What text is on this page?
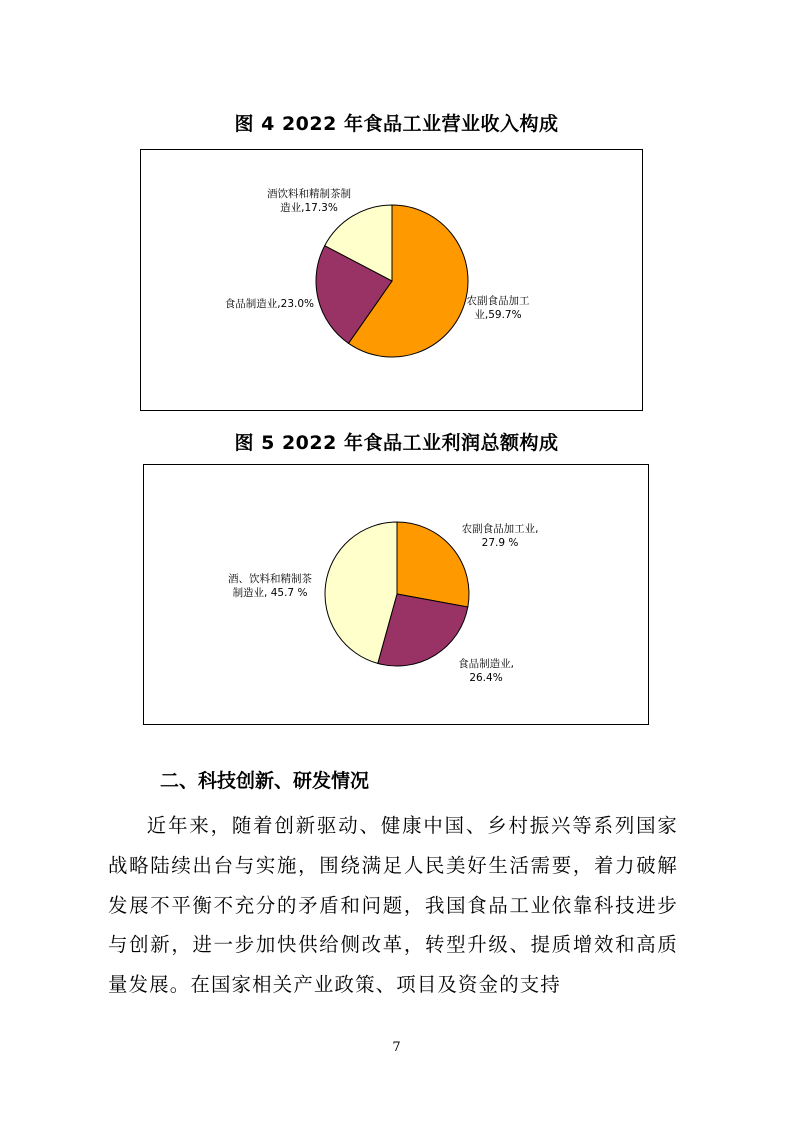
图 4 2022 年食品工业营业收入构成
农副食品加工业,59.7%
食品制造业,23.0%
酒饮料和精制茶制造业,17.3%
图 5 2022 年食品工业利润总额构成
农副食品加工业, 27.9 %
食品制造业, 26.4%
酒、饮料和精制茶制造业, 45.7 %
二、科技创新、研发情况

近年来，随着创新驱动、健康中国、乡村振兴等系列国家战略陆续出台与实施，围绕满足人民美好生活需要，着力破解发展不平衡不充分的矛盾和问题，我国食品工业依靠科技进步与创新，进一步加快供给侧改革，转型升级、提质增效和高质量发展。在国家相关产业政策、项目及资金的支持

7
